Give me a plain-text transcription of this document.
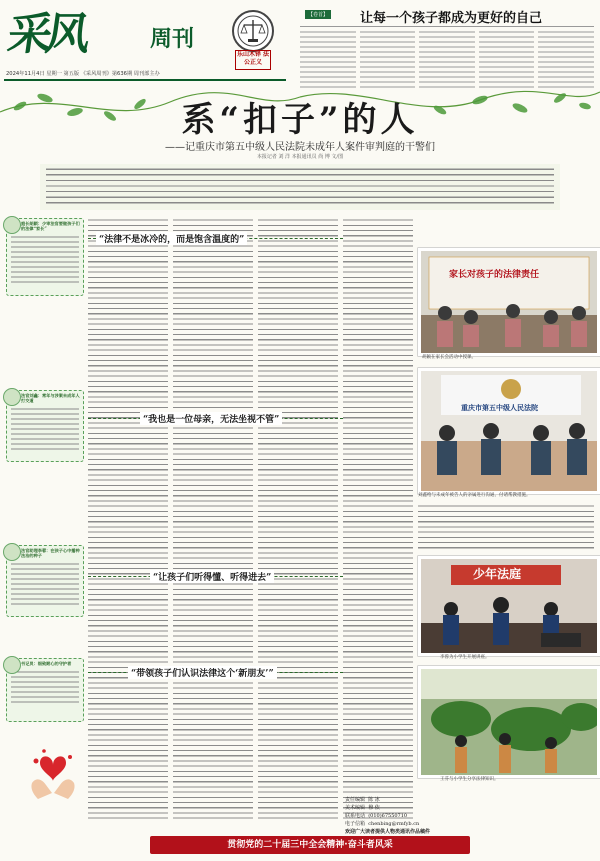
采风	周刊
乐山木铎 法公正义
2024年11月4日 星期一 第五版 《采风周刊》第636期 周刊部主办
【卷首】 让每一个孩子都成为更好的自己
系“扣子”的人
——记重庆市第五中级人民法院未成年人案件审判庭的干警们
本报记者 刘 洋 本报通讯员 尚 博 文/图
庭长胡颖：少审法官要做孩子们的法律“家长”
法官刘鑫：常年与涉案未成年人打交道
法官助理李蓉：在孩子心中播种法治的种子
书记员：细致耐心的守护者
“法律不是冰冷的，而是饱含温度的”
“我也是一位母亲，无法坐视不管”
“让孩子们听得懂、听得进去”
“带领孩子们认识法律这个‘新朋友’”
家长对孩子的法律责任
胡颖在家长会活动中授课。
重庆市第五中级人民法院
刘鑫给与未成年被告人的亲属进行沟通、付诸帮教措施。
少年法庭
李蓉为小学生开展讲座。
王芬与小学生分享法律知识。
责任编辑 陈 冰
美术编辑 穆 依
联系电话 (010)67550710
电子信箱 chenbing@rmfyb.cn
欢迎广大读者提供人物类通讯作品稿件
贯彻党的二十届三中全会精神·奋斗者风采
